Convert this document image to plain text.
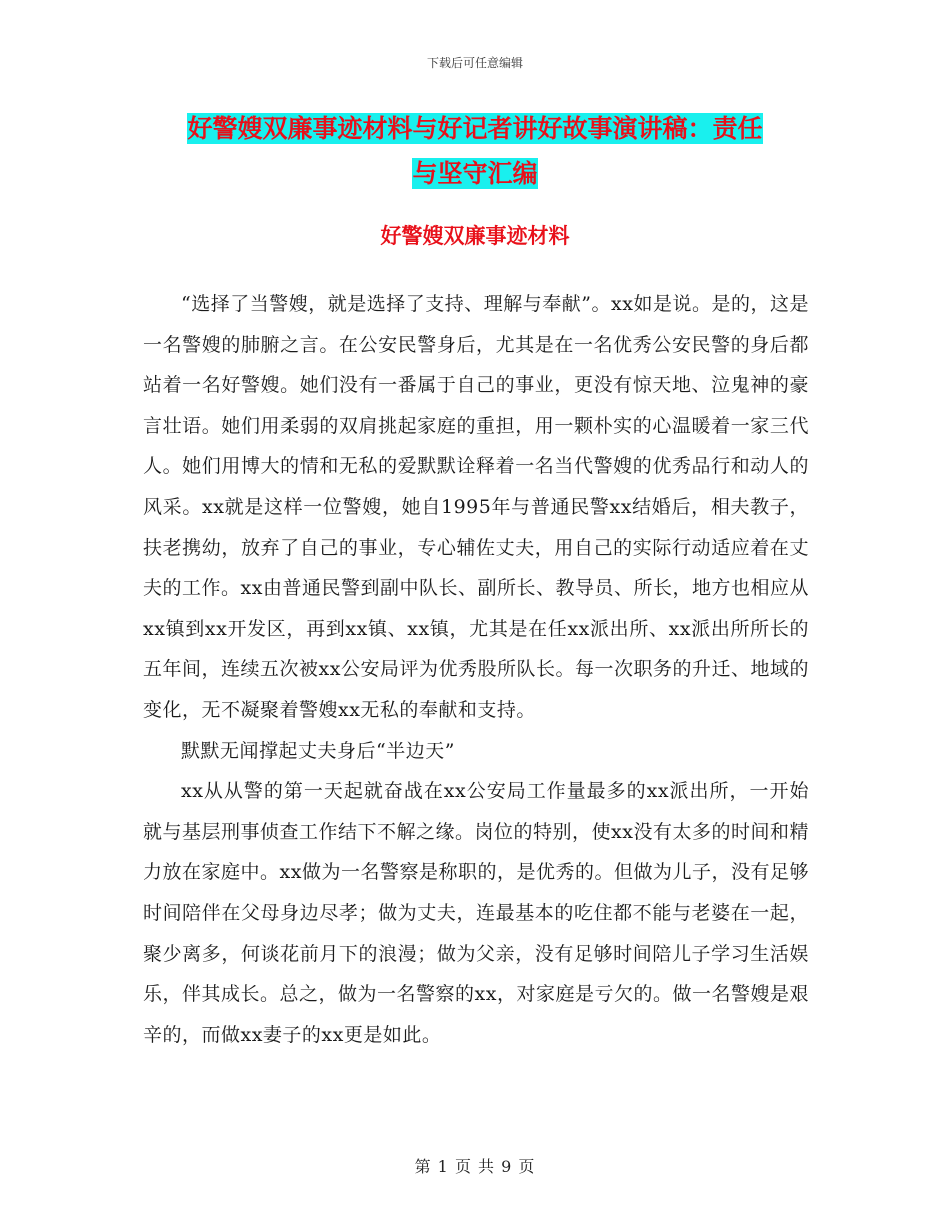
下载后可任意编辑
好警嫂双廉事迹材料与好记者讲好故事演讲稿：责任
与坚守汇编
好警嫂双廉事迹材料

“选择了当警嫂，就是选择了支持、理解与奉献”。xx如是说。是的，这是一名警嫂的肺腑之言。在公安民警身后，尤其是在一名优秀公安民警的身后都站着一名好警嫂。她们没有一番属于自己的事业，更没有惊天地、泣鬼神的豪言壮语。她们用柔弱的双肩挑起家庭的重担，用一颗朴实的心温暖着一家三代人。她们用博大的情和无私的爱默默诠释着一名当代警嫂的优秀品行和动人的风采。xx就是这样一位警嫂，她自1995年与普通民警xx结婚后，相夫教子，扶老携幼，放弃了自己的事业，专心辅佐丈夫，用自己的实际行动适应着在丈夫的工作。xx由普通民警到副中队长、副所长、教导员、所长，地方也相应从xx镇到xx开发区，再到xx镇、xx镇，尤其是在任xx派出所、xx派出所所长的五年间，连续五次被xx公安局评为优秀股所队长。每一次职务的升迁、地域的变化，无不凝聚着警嫂xx无私的奉献和支持。

默默无闻撑起丈夫身后“半边天”

xx从从警的第一天起就奋战在xx公安局工作量最多的xx派出所，一开始就与基层刑事侦查工作结下不解之缘。岗位的特别，使xx没有太多的时间和精力放在家庭中。xx做为一名警察是称职的，是优秀的。但做为儿子，没有足够时间陪伴在父母身边尽孝；做为丈夫，连最基本的吃住都不能与老婆在一起，聚少离多，何谈花前月下的浪漫；做为父亲，没有足够时间陪儿子学习生活娱乐，伴其成长。总之，做为一名警察的xx，对家庭是亏欠的。做一名警嫂是艰辛的，而做xx妻子的xx更是如此。

第 1 页 共 9 页
